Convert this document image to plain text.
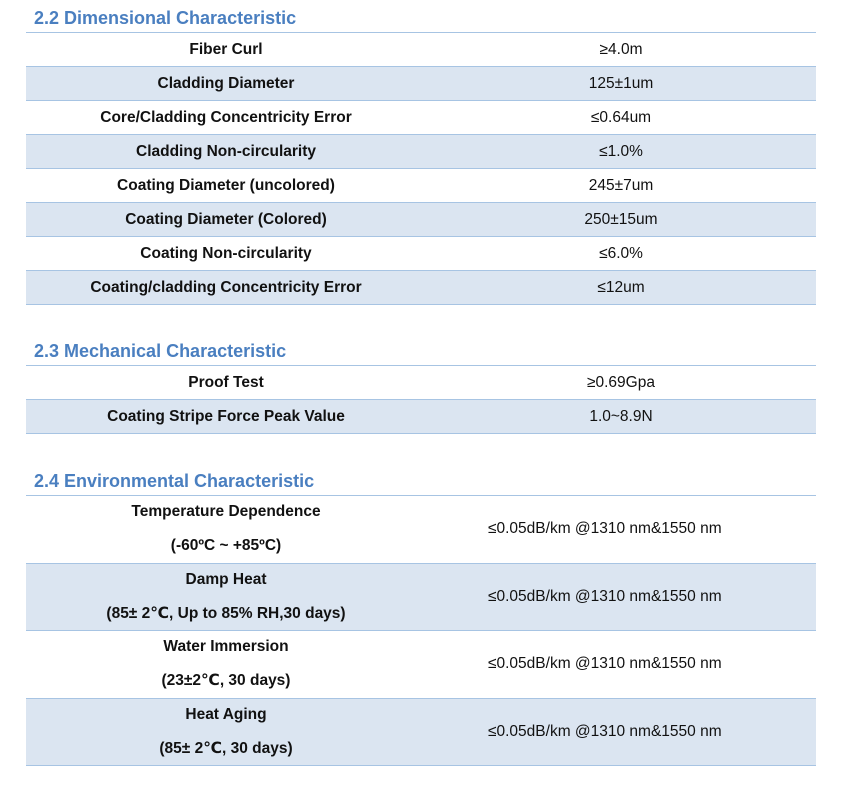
2.2 Dimensional Characteristic
Fiber Curl	≥4.0m
Cladding Diameter	125±1um
Core/Cladding Concentricity Error	≤0.64um
Cladding Non-circularity	≤1.0%
Coating Diameter (uncolored)	245±7um
Coating Diameter (Colored)	250±15um
Coating Non-circularity	≤6.0%
Coating/cladding Concentricity Error	≤12um
2.3 Mechanical Characteristic
Proof Test	≥0.69Gpa
Coating Stripe Force Peak Value	1.0~8.9N
2.4 Environmental Characteristic
Temperature Dependence
(-60ºC ~ +85ºC)
≤0.05dB/km @1310 nm&1550 nm
Damp Heat
(85± 2℃, Up to 85% RH,30 days)
≤0.05dB/km @1310 nm&1550 nm
Water Immersion
(23±2℃, 30 days)
≤0.05dB/km @1310 nm&1550 nm
Heat Aging
(85± 2℃, 30 days)
≤0.05dB/km @1310 nm&1550 nm
